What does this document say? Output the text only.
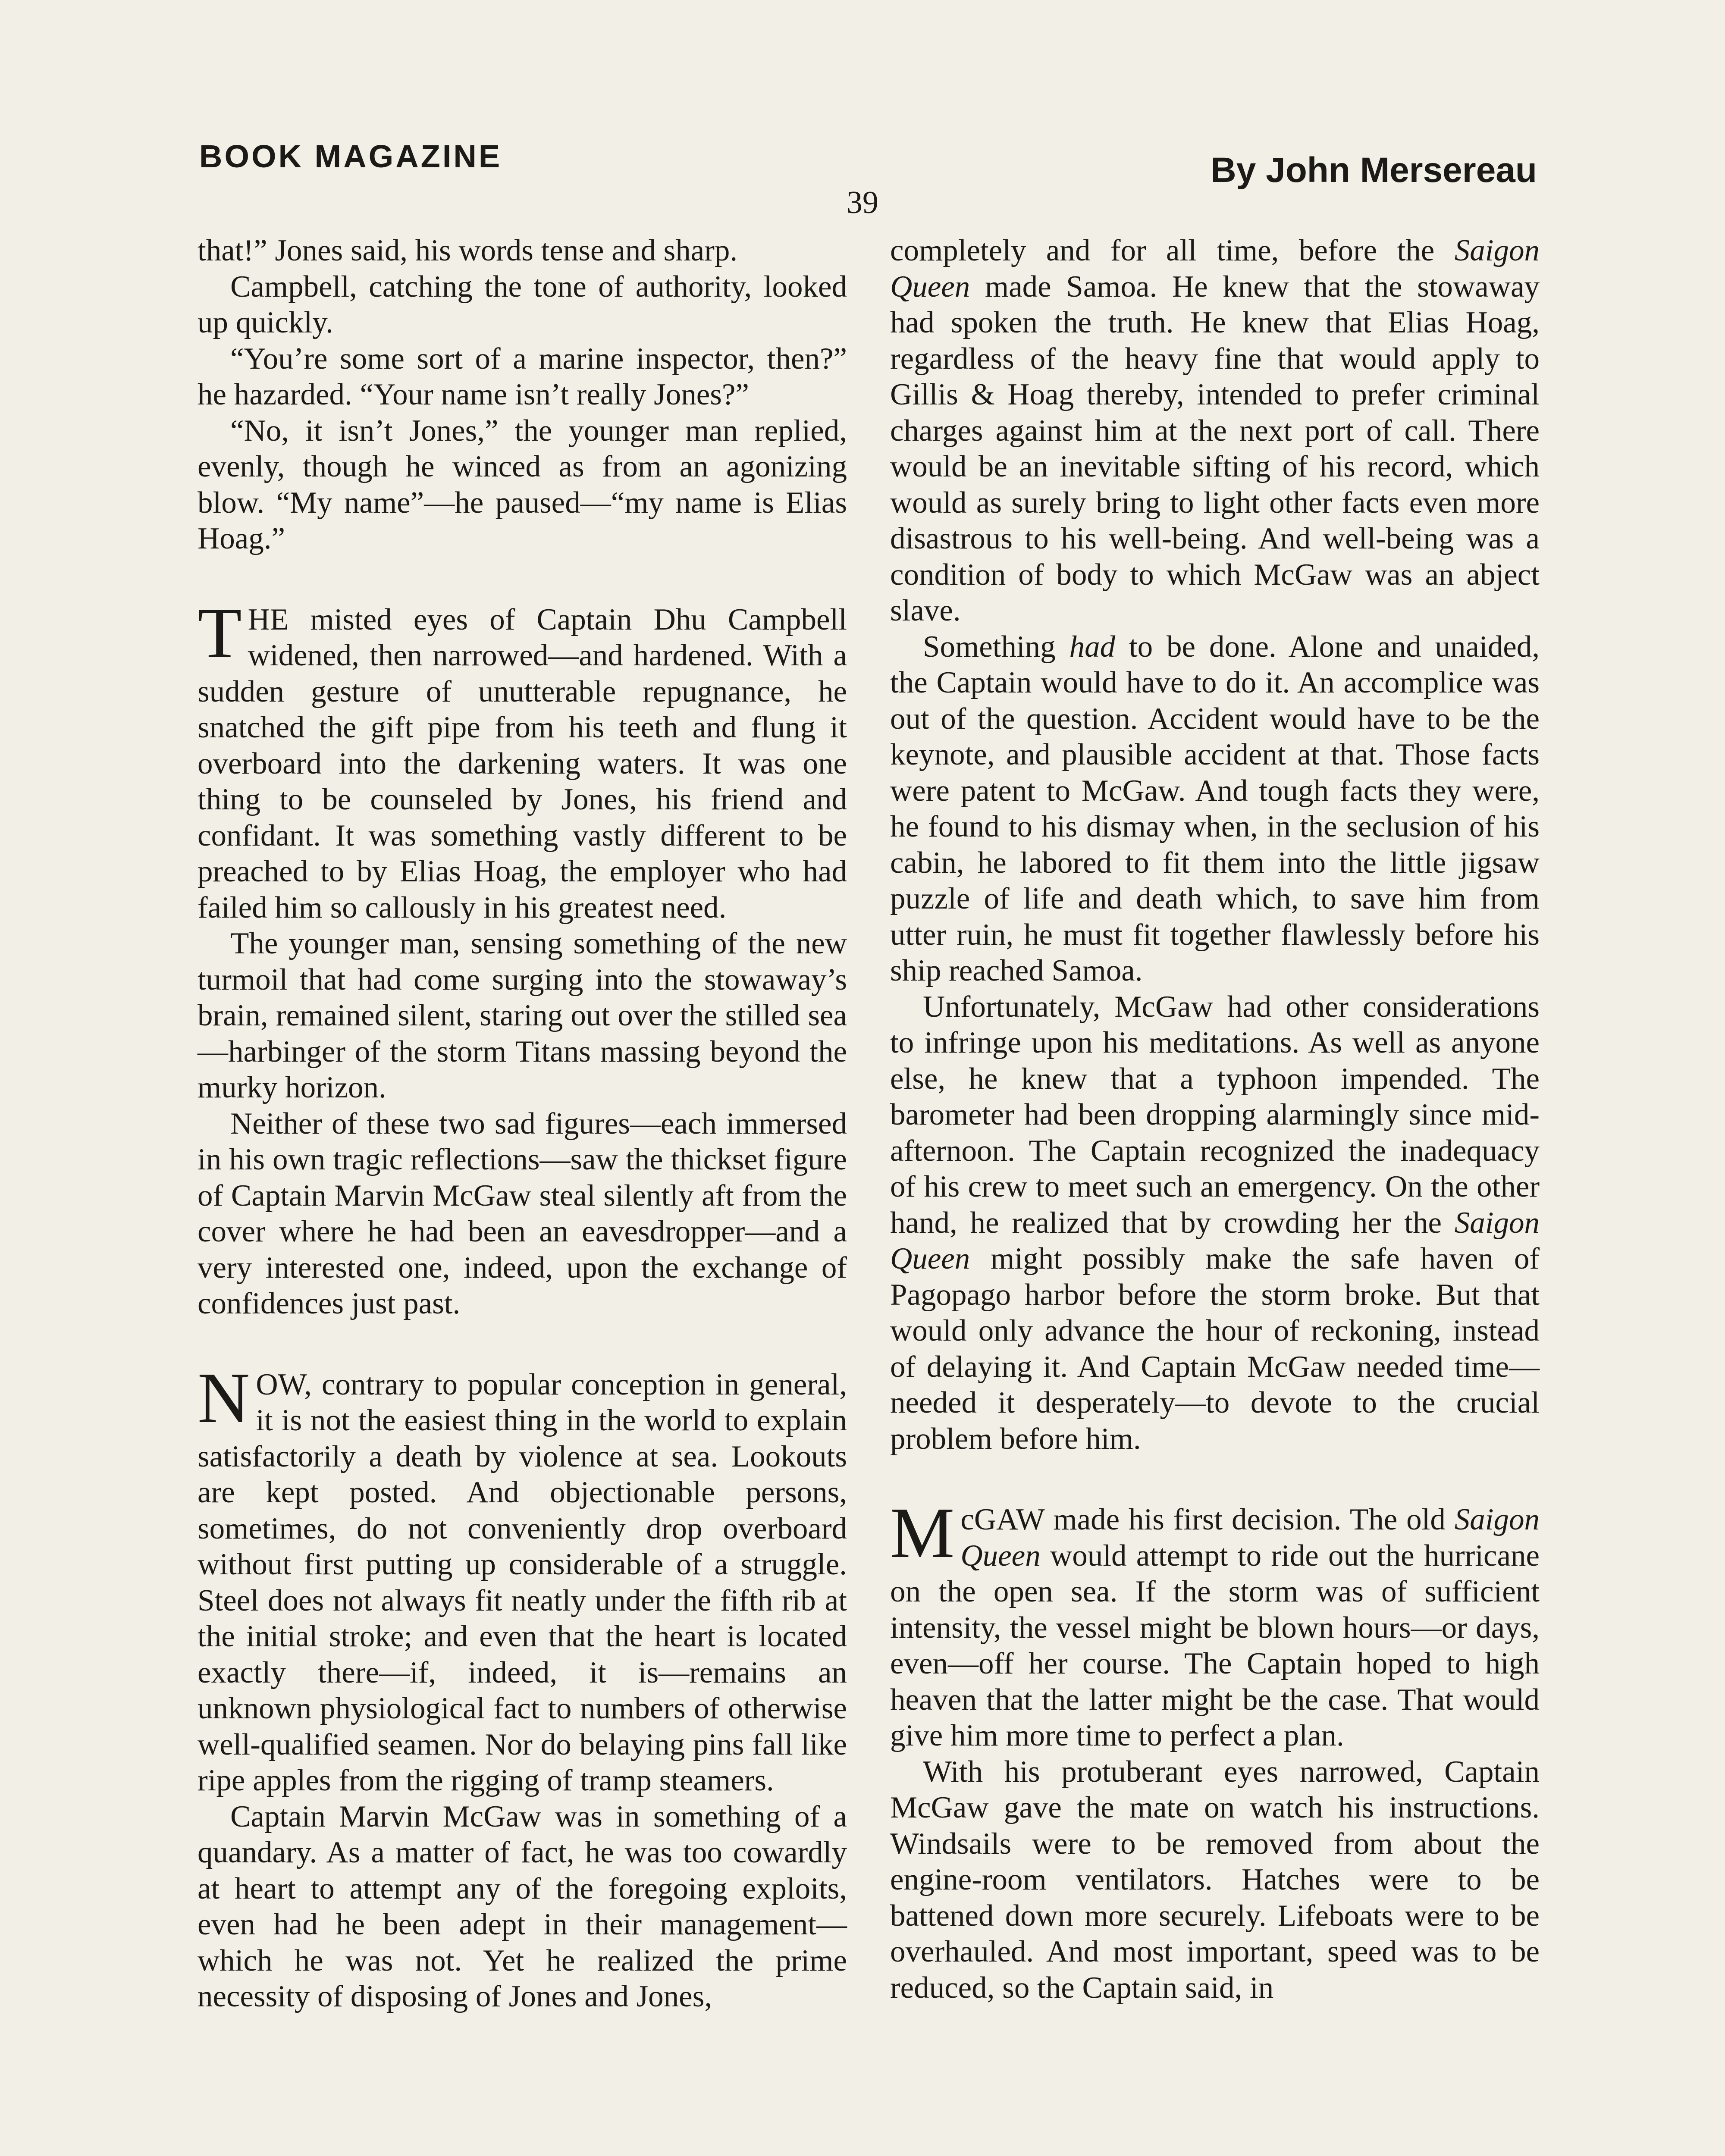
BOOK MAGAZINE	By John Mersereau
39

that!” Jones said, his words tense and sharp.

Campbell, catching the tone of authority, looked up quickly.

“You’re some sort of a marine inspector, then?” he hazarded. “Your name isn’t really Jones?”

“No, it isn’t Jones,” the younger man replied, evenly, though he winced as from an agonizing blow. “My name”—he paused—“my name is Elias Hoag.”

THE misted eyes of Captain Dhu Campbell widened, then narrowed—and hardened. With a sudden gesture of unutterable repugnance, he snatched the gift pipe from his teeth and flung it overboard into the darkening waters. It was one thing to be counseled by Jones, his friend and confidant. It was something vastly different to be preached to by Elias Hoag, the employer who had failed him so callously in his greatest need.

The younger man, sensing something of the new turmoil that had come surging into the stowaway’s brain, remained silent, staring out over the stilled sea—harbinger of the storm Titans massing beyond the murky horizon.

Neither of these two sad figures—each immersed in his own tragic reflections—saw the thickset figure of Captain Marvin McGaw steal silently aft from the cover where he had been an eavesdropper—and a very interested one, indeed, upon the exchange of confidences just past.

NOW, contrary to popular conception in general, it is not the easiest thing in the world to explain satisfactorily a death by violence at sea. Lookouts are kept posted. And objectionable persons, sometimes, do not conveniently drop overboard without first putting up considerable of a struggle. Steel does not always fit neatly under the fifth rib at the initial stroke; and even that the heart is located exactly there—if, indeed, it is—remains an unknown physiological fact to numbers of otherwise well-qualified seamen. Nor do belaying pins fall like ripe apples from the rigging of tramp steamers.

Captain Marvin McGaw was in something of a quandary. As a matter of fact, he was too cowardly at heart to attempt any of the foregoing exploits, even had he been adept in their management—which he was not. Yet he realized the prime necessity of disposing of Jones and Jones,

completely and for all time, before the Saigon Queen made Samoa. He knew that the stowaway had spoken the truth. He knew that Elias Hoag, regardless of the heavy fine that would apply to Gillis & Hoag thereby, intended to prefer criminal charges against him at the next port of call. There would be an inevitable sifting of his record, which would as surely bring to light other facts even more disastrous to his well-being. And well-being was a condition of body to which McGaw was an abject slave.

Something had to be done. Alone and unaided, the Captain would have to do it. An accomplice was out of the question. Accident would have to be the keynote, and plausible accident at that. Those facts were patent to McGaw. And tough facts they were, he found to his dismay when, in the seclusion of his cabin, he labored to fit them into the little jigsaw puzzle of life and death which, to save him from utter ruin, he must fit together flawlessly before his ship reached Samoa.

Unfortunately, McGaw had other considerations to infringe upon his meditations. As well as anyone else, he knew that a typhoon impended. The barometer had been dropping alarmingly since mid-afternoon. The Captain recognized the inadequacy of his crew to meet such an emergency. On the other hand, he realized that by crowding her the Saigon Queen might possibly make the safe haven of Pagopago harbor before the storm broke. But that would only advance the hour of reckoning, instead of delaying it. And Captain McGaw needed time—needed it desperately—to devote to the crucial problem before him.

McGAW made his first decision. The old Saigon Queen would attempt to ride out the hurricane on the open sea. If the storm was of sufficient intensity, the vessel might be blown hours—or days, even—off her course. The Captain hoped to high heaven that the latter might be the case. That would give him more time to perfect a plan.

With his protuberant eyes narrowed, Captain McGaw gave the mate on watch his instructions. Windsails were to be removed from about the engine-room ventilators. Hatches were to be battened down more securely. Lifeboats were to be overhauled. And most important, speed was to be reduced, so the Captain said, in
